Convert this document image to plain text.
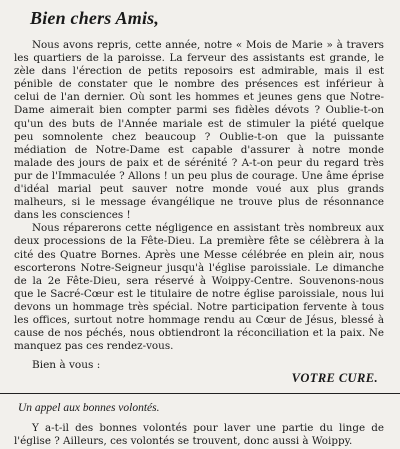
Bien chers Amis,

Nous avons repris, cette année, notre « Mois de Marie » à travers les quartiers de la paroisse. La ferveur des assistants est grande, le zèle dans l'érection de petits reposoirs est admirable, mais il est pénible de constater que le nombre des présences est inférieur à celui de l'an dernier. Où sont les hommes et jeunes gens que Notre-Dame aimerait bien compter parmi ses fidèles dévots ? Oublie-t-on qu'un des buts de l'Année mariale est de stimuler la piété quelque peu somnolente chez beaucoup ? Oublie-t-on que la puissante médiation de Notre-Dame est capable d'assurer à notre monde malade des jours de paix et de sérénité ? A-t-on peur du regard très pur de l'Immaculée ? Allons ! un peu plus de courage. Une âme éprise d'idéal marial peut sauver notre monde voué aux plus grands malheurs, si le message évangélique ne trouve plus de résonnance dans les consciences !

Nous réparerons cette négligence en assistant très nombreux aux deux processions de la Fête-Dieu. La première fête se célèbrera à la cité des Quatre Bornes. Après une Messe célébrée en plein air, nous escorterons Notre-Seigneur jusqu'à l'église paroissiale. Le dimanche de la 2e Fête-Dieu, sera réservé à Woippy-Centre. Souvenons-nous que le Sacré-Cœur est le titulaire de notre église paroissiale, nous lui devons un hommage très spécial. Notre participation fervente à tous les offices, surtout notre hommage rendu au Cœur de Jésus, blessé à cause de nos péchés, nous obtiendront la réconciliation et la paix. Ne manquez pas ces rendez-vous.

Bien à vous :
VOTRE CURE.
Un appel aux bonnes volontés.

Y a-t-il des bonnes volontés pour laver une partie du linge de l'église ? Ailleurs, ces volontés se trouvent, donc aussi à Woippy.
